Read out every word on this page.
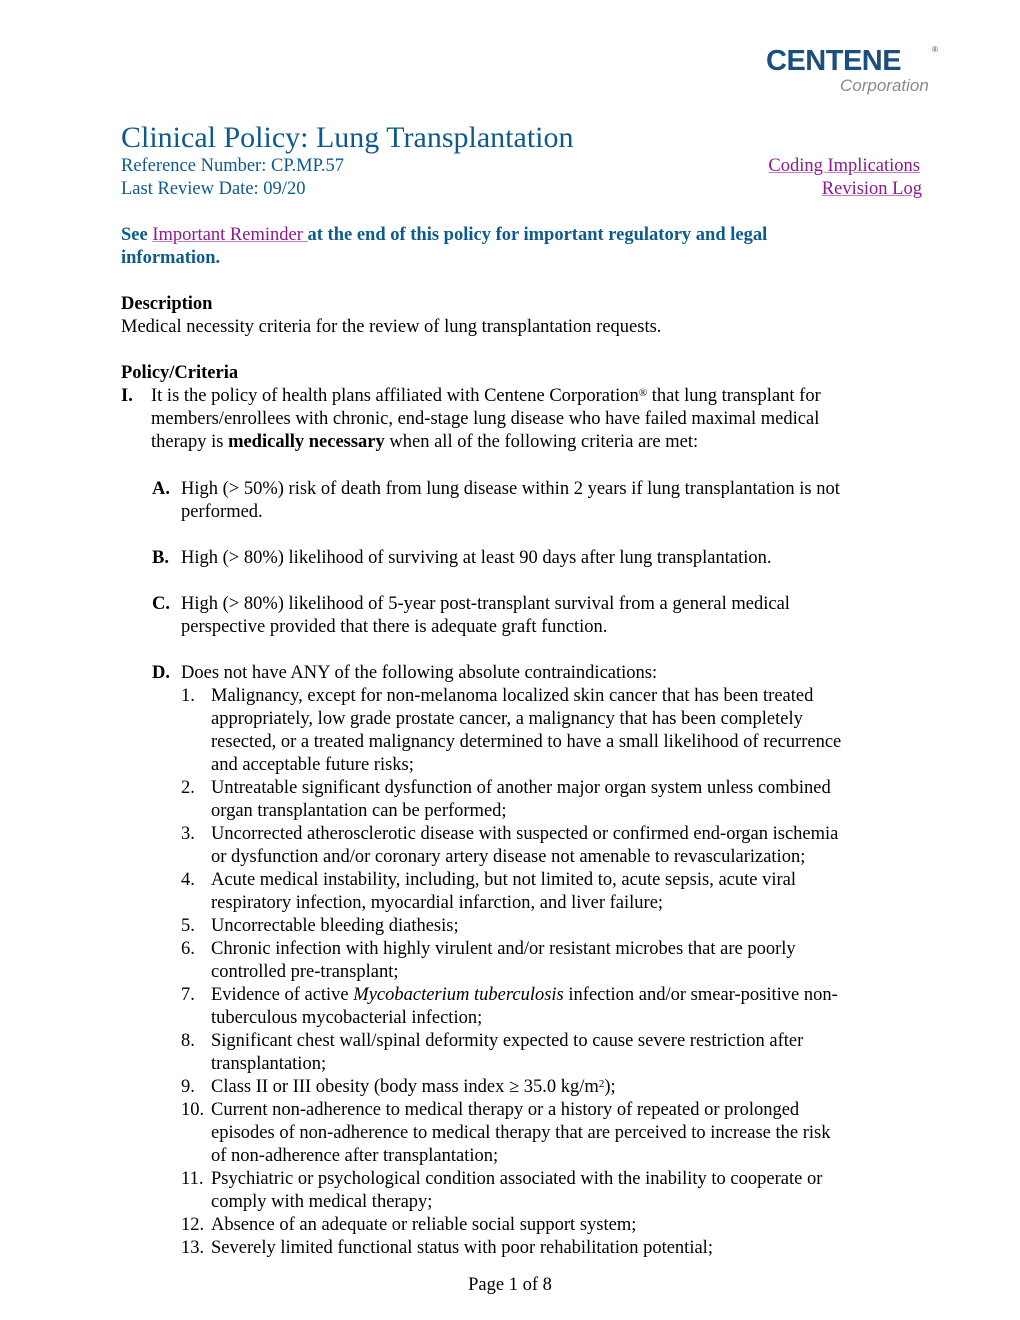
CENTENE	®
Corporation
Clinical Policy: Lung Transplantation
Reference Number: CP.MP.57
Last Review Date: 09/20
Coding Implications
Revision Log
See Important Reminder at the end of this policy for important regulatory and legal
information.
Description
Medical necessity criteria for the review of lung transplantation requests.
Policy/Criteria
I. It is the policy of health plans affiliated with Centene Corporation® that lung transplant for
members/enrollees with chronic, end-stage lung disease who have failed maximal medical
therapy is medically necessary when all of the following criteria are met:
Page 1 of 8
A. High (> 50%) risk of death from lung disease within 2 years if lung transplantation is not
performed.
B. High (> 80%) likelihood of surviving at least 90 days after lung transplantation.
C. High (> 80%) likelihood of 5-year post-transplant survival from a general medical
perspective provided that there is adequate graft function.
D. Does not have ANY of the following absolute contraindications:
1. Malignancy, except for non-melanoma localized skin cancer that has been treated
appropriately, low grade prostate cancer, a malignancy that has been completely
resected, or a treated malignancy determined to have a small likelihood of recurrence
and acceptable future risks;
2. Untreatable significant dysfunction of another major organ system unless combined
organ transplantation can be performed;
3. Uncorrected atherosclerotic disease with suspected or confirmed end-organ ischemia
or dysfunction and/or coronary artery disease not amenable to revascularization;
4. Acute medical instability, including, but not limited to, acute sepsis, acute viral
respiratory infection, myocardial infarction, and liver failure;
5. Uncorrectable bleeding diathesis;
6. Chronic infection with highly virulent and/or resistant microbes that are poorly
controlled pre-transplant;
7. Evidence of active Mycobacterium tuberculosis infection and/or smear-positive non-
tuberculous mycobacterial infection;
8. Significant chest wall/spinal deformity expected to cause severe restriction after
transplantation;
9. Class II or III obesity (body mass index ≥ 35.0 $kg/m^2$);
10. Current non-adherence to medical therapy or a history of repeated or prolonged
episodes of non-adherence to medical therapy that are perceived to increase the risk
of non-adherence after transplantation;
11. Psychiatric or psychological condition associated with the inability to cooperate or
comply with medical therapy;
12. Absence of an adequate or reliable social support system;
13. Severely limited functional status with poor rehabilitation potential;
